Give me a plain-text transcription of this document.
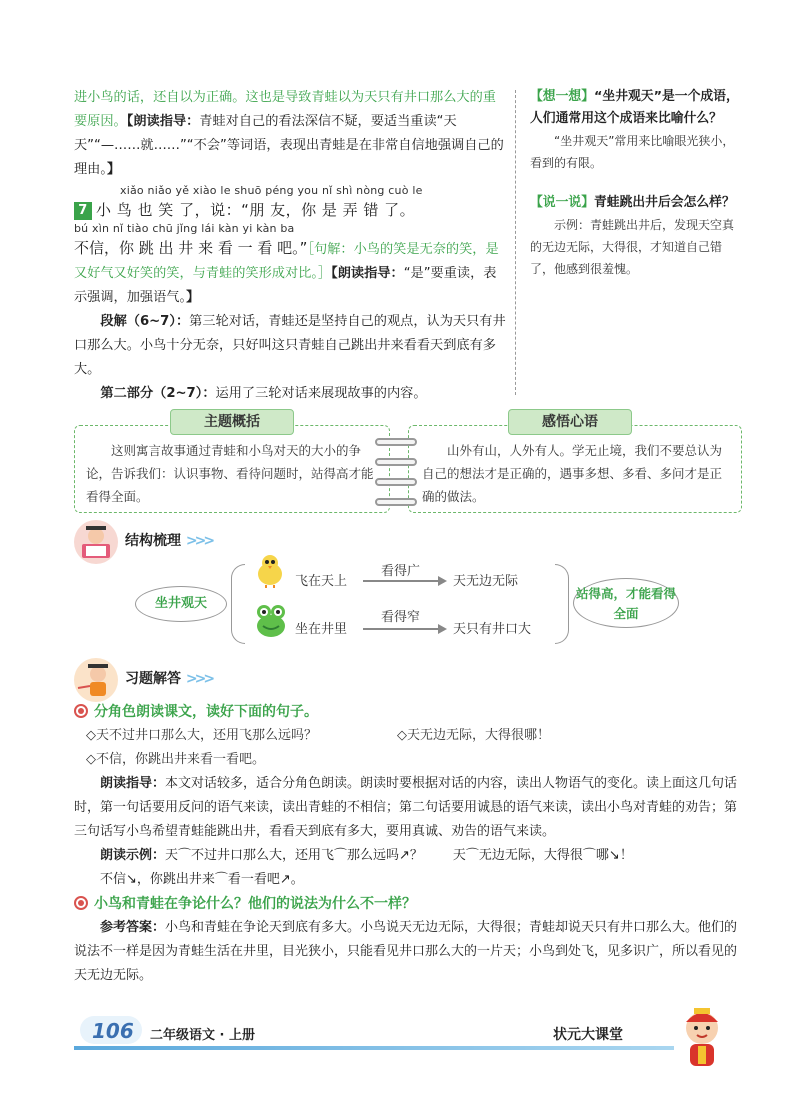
进小鸟的话，还自以为正确。这也是导致青蛙以为天只有井口那么大的重要原因。【朗读指导：青蛙对自己的看法深信不疑，要适当重读“天天”“—……就……”“不会”等词语，表现出青蛙是在非常自信地强调自己的理由。】

xiǎo niǎo yě xiào le shuō péng you nǐ shì nòng cuò le

7 小 鸟 也 笑 了，说：“朋 友，你 是 弄 错 了。

bú xìn nǐ tiào chū jǐng lái kàn yi kàn ba

不信，你 跳 出 井 来 看 一 看 吧。”［句解：小鸟的笑是无奈的笑，是又好气又好笑的笑，与青蛙的笑形成对比。］【朗读指导：“是”要重读，表示强调，加强语气。】

段解（6~7）：第三轮对话，青蛙还是坚持自己的观点，认为天只有井口那么大。小鸟十分无奈，只好叫这只青蛙自己跳出井来看看天到底有多大。

第二部分（2~7）：运用了三轮对话来展现故事的内容。

【想一想】“坐井观天”是一个成语，人们通常用这个成语来比喻什么？

“坐井观天”常用来比喻眼光狭小，看到的有限。

【说一说】青蛙跳出井后会怎么样？

示例：青蛙跳出井后，发现天空真的无边无际，大得很，才知道自己错了，他感到很羞愧。

主题概括
这则寓言故事通过青蛙和小鸟对天的大小的争论，告诉我们：认识事物、看待问题时，站得高才能看得全面。
感悟心语
山外有山，人外有人。学无止境，我们不要总认为自己的想法才是正确的，遇事多想、多看、多问才是正确的做法。
结构梳理 >>>
坐井观天
飞在天上
看得广
天无边无际
坐在井里
看得窄
天只有井口大
站得高，才能看得全面
习题解答 >>>

分角色朗读课文，读好下面的句子。

◇天不过井口那么大，还用飞那么远吗？	◇天无边无际，大得很哪！

◇不信，你跳出井来看一看吧。

朗读指导：本文对话较多，适合分角色朗读。朗读时要根据对话的内容，读出人物语气的变化。读上面这几句话时，第一句话要用反问的语气来读，读出青蛙的不相信；第二句话要用诚恳的语气来读，读出小鸟对青蛙的劝告；第三句话写小鸟希望青蛙能跳出井，看看天到底有多大，要用真诚、劝告的语气来读。

朗读示例：天⌒不过井口那么大，还用飞⌒那么远吗↗？ 天⌒无边无际，大得很⌒哪↘！

不信↘，你跳出井来⌒看一看吧↗。

小鸟和青蛙在争论什么？他们的说法为什么不一样？

参考答案：小鸟和青蛙在争论天到底有多大。小鸟说天无边无际，大得很；青蛙却说天只有井口那么大。他们的说法不一样是因为青蛙生活在井里，目光狭小，只能看见井口那么大的一片天；小鸟到处飞，见多识广，所以看见的天无边无际。

106 二年级语文 · 上册	状元大课堂
